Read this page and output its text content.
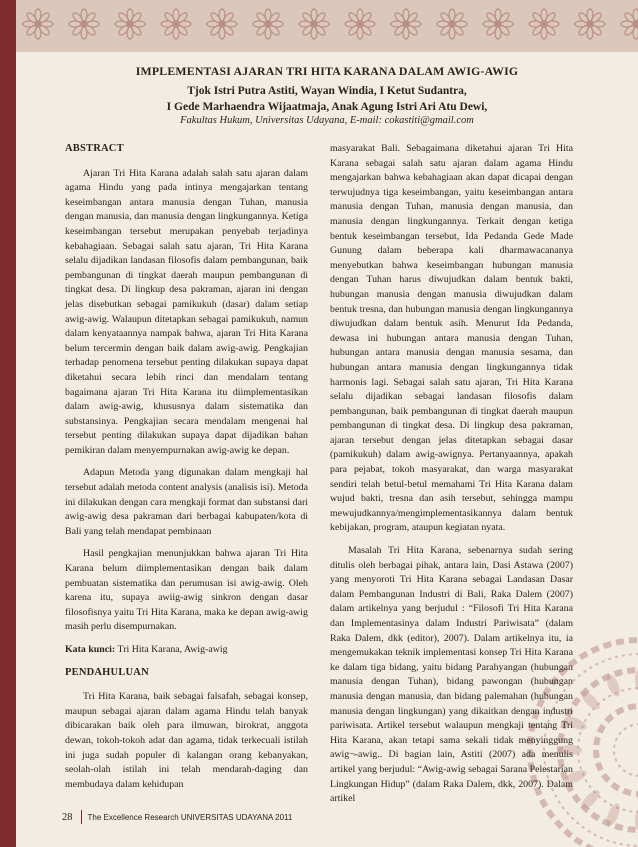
IMPLEMENTASI AJARAN TRI HITA KARANA DALAM AWIG-AWIG
Tjok Istri Putra Astiti, Wayan Windia, I Ketut Sudantra,
I Gede Marhaendra Wijaatmaja, Anak Agung Istri Ari Atu Dewi,
Fakultas Hukum, Universitas Udayana, E-mail: cokastiti@gmail.com
ABSTRACT

Ajaran Tri Hita Karana adalah salah satu ajaran dalam agama Hindu yang pada intinya mengajarkan tentang keseimbangan antara manusia dengan Tuhan, manusia dengan manusia, dan manusia dengan lingkungannya. Ketiga keseimbangan tersebut merupakan penyebab terjadinya kebahagiaan. Sebagai salah satu ajaran, Tri Hita Karana selalu dijadikan landasan filosofis dalam pembangunan, baik pembangunan di tingkat daerah maupun pembangunan di tingkat desa. Di lingkup desa pakraman, ajaran ini dengan jelas disebutkan sebagai pamikukuh (dasar) dalam setiap awig-awig. Walaupun ditetapkan sebagai pamikukuh, namun dalam kenyataannya nampak bahwa, ajaran Tri Hita Karana belum tercermin dengan baik dalam awig-awig. Pengkajian terhadap penomena tersebut penting dilakukan supaya dapat diketahui secara lebih rinci dan mendalam tentang bagaimana ajaran Tri Hita Karana itu diimplementasikan dalam awig-awig, khususnya dalam sistematika dan substansinya. Pengkajian secara mendalam mengenai hal tersebut penting dilakukan supaya dapat dijadikan bahan pemikiran dalam menyempurnakan awig-awig ke depan.

Adapun Metoda yang digunakan dalam mengkaji hal tersebut adalah metoda content analysis (analisis isi). Metoda ini dilakukan dengan cara mengkaji format dan substansi dari awig-awig desa pakraman dari berbagai kabupaten/kota di Bali yang telah mendapat pembinaan

Hasil pengkajian menunjukkan bahwa ajaran Tri Hita Karana belum diimplementasikan dengan baik dalam pembuatan sistematika dan perumusan isi awig-awig. Oleh karena itu, supaya awiig-awig sinkron dengan dasar filosofisnya yaitu Tri Hita Karana, maka ke depan awig-awig masih perlu disempurnakan.

Kata kunci: Tri Hita Karana, Awig-awig

PENDAHULUAN

Tri Hita Karana, baik sebagai falsafah, sebagai konsep, maupun sebagai ajaran dalam agama Hindu telah banyak dibicarakan baik oleh para ilmuwan, birokrat, anggota dewan, tokoh-tokoh adat dan agama, tidak terkecuali istilah ini juga sudah populer di kalangan orang kebanyakan, seolah-olah istilah ini telah mendarah-daging dan membudaya dalam kehidupan

masyarakat Bali. Sebagaimana diketahui ajaran Tri Hita Karana sebagai salah satu ajaran dalam agama Hindu mengajarkan bahwa kebahagiaan akan dapat dicapai dengan terwujudnya tiga keseimbangan, yaitu keseimbangan antara manusia dengan Tuhan, manusia dengan manusia, dan manusia dengan lingkungannya. Terkait dengan ketiga bentuk keseimbangan tersebut, Ida Pedanda Gede Made Gunung dalam beberapa kali dharmawacananya menyebutkan bahwa keseimbangan hubungan manusia dengan Tuhan harus diwujudkan dalam bentuk bakti, hubungan manusia dengan manusia diwujudkan dalam bentuk tresna, dan hubungan manusia dengan lingkungannya diwujudkan dalam bentuk asih. Menurut Ida Pedanda, dewasa ini hubungan antara manusia dengan Tuhan, hubungan antara manusia dengan manusia sesama, dan hubungan antara manusia dengan lingkungannya tidak harmonis lagi. Sebagai salah satu ajaran, Tri Hita Karana selalu dijadikan sebagai landasan filosofis dalam pembangunan, baik pembangunan di tingkat daerah maupun pembangunan di tingkat desa. Di lingkup desa pakraman, ajaran tersebut dengan jelas ditetapkan sebagai dasar (pamikukuh) dalam awig-awignya. Pertanyaannya, apakah para pejabat, tokoh masyarakat, dan warga masyarakat sendiri telah betul-betul memahami Tri Hita Karana dalam wujud bakti, tresna dan asih tersebut, sehingga mampu mewujudkannya/mengimplementasikannya dalam bentuk kebijakan, program, ataupun kegiatan nyata.

Masalah Tri Hita Karana, sebenarnya sudah sering ditulis oleh berbagai pihak, antara lain, Dasi Astawa (2007) yang menyoroti Tri Hita Karana sebagai Landasan Dasar dalam Pembangunan Industri di Bali, Raka Dalem (2007) dalam artikelnya yang berjudul : “Filosofi Tri Hita Karana dan Implementasinya dalam Industri Pariwisata” (dalam Raka Dalem, dkk (editor), 2007). Dalam artikelnya itu, ia mengemukakan teknik implementasi konsep Tri Hita Karana ke dalam tiga bidang, yaitu bidang Parahyangan (hubungan manusia dengan Tuhan), bidang pawongan (hubungan manusia dengan manusia, dan bidang palemahan (hubungan manusia dengan lingkungan) yang dikaitkan dengan industri pariwisata. Artikel tersebut walaupun mengkaji tentang Tri Hita Karana, akan tetapi sama sekali tidak menyinggung awig¬-awig.. Di bagian lain, Astiti (2007) ada menulis artikel yang berjudul: “Awig-awig sebagai Sarana Pelestarian Lingkungan Hidup” (dalam Raka Dalem, dkk, 2007). Dalam artikel

28 The Excellence Research UNIVERSITAS UDAYANA 2011
